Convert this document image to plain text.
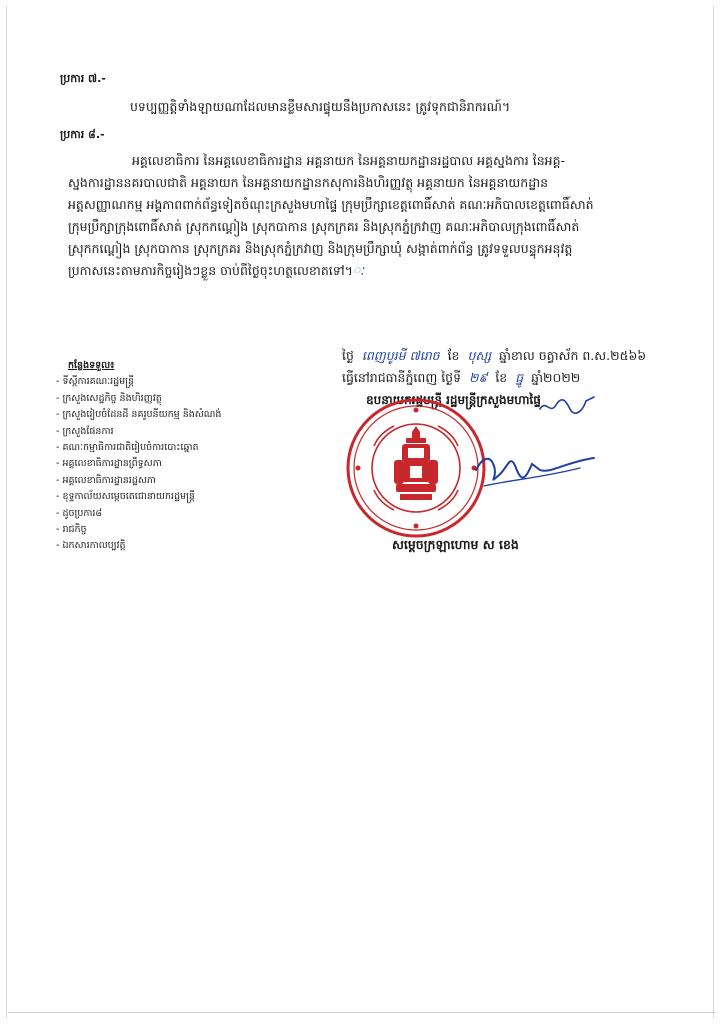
ប្រការ ៧.-
បទប្បញ្ញត្តិទាំងឡាយណាដែលមានខ្លឹមសារផ្ទុយនឹងប្រកាសនេះ ត្រូវទុកជានិរាករណ៍។
ប្រការ ៨.-
អគ្គលេខាធិការ នៃអគ្គលេខាធិការដ្ឋាន អគ្គនាយក នៃអគ្គនាយកដ្ឋានរដ្ឋបាល អគ្គស្នងការ នៃអគ្គ-
ស្នងការដ្ឋាននគរបាលជាតិ អគ្គនាយក នៃអគ្គនាយកដ្ឋានកសុការនិងហិរញ្ញវត្ថុ អគ្គនាយក នៃអគ្គនាយកដ្ឋាន
អត្តសញ្ញាណកម្ម អង្គភាពពាក់ព័ន្ធទៀតចំណុះក្រសួងមហាផ្ទៃ ក្រុមប្រឹក្សាខេត្តពោធិ៍សាត់ គណៈអភិបាលខេត្តពោធិ៍សាត់
ក្រុមប្រឹក្សាក្រុងពោធិ៍សាត់ ស្រុកកណ្ដៀង ស្រុកបាកាន ស្រុកក្រគរ និងស្រុកភ្នំក្រវាញ គណៈអភិបាលក្រុងពោធិ៍សាត់
ស្រុកកណ្ដៀង ស្រុកបាកាន ស្រុកក្រគរ និងស្រុកភ្នំក្រវាញ និងក្រុមប្រឹក្សាឃុំ សង្កាត់ពាក់ព័ន្ធ ត្រូវទទួលបន្ទុកអនុវត្ត
ប្រកាសនេះតាមភារកិច្ចរៀងៗខ្លួន ចាប់ពីថ្ងៃចុះហត្ថលេខាតទៅ។ៈ
ថ្ងៃ ពេញបូរមី ៧រោច ខែ បុស្ស ឆ្នាំខាល ចត្វាស័ក ព.ស.២៥៦៦
ធ្វើនៅរាជធានីភ្នំពេញ ថ្ងៃទី ២៩ ខែ ធ្នូ ឆ្នាំ២០២២
ឧបនាយករដ្ឋមន្ត្រី រដ្ឋមន្ត្រីក្រសួងមហាផ្ទៃ
សម្តេចក្រឡាហោម ស ខេង
កន្លែងទទួល៖
- ទីស្ដីការគណៈរដ្ឋមន្ត្រី
- ក្រសួងសេដ្ឋកិច្ច និងហិរញ្ញវត្ថុ
- ក្រសួងរៀបចំដែនដី នគរូបនីយកម្ម និងសំណង់
- ក្រសួងផែនការ
- គណៈកម្មាធិការជាតិរៀបចំការបោះឆ្នោត
- អគ្គលេខាធិការដ្ឋានព្រឹទ្ធសភា
- អគ្គលេខាធិការដ្ឋានរដ្ឋសភា
- ខុទ្ទកាល័យសម្ដេចតេជោនាយករដ្ឋមន្ត្រី
- ដូចប្រការ៨
- រាជកិច្ច
- ឯកសារកាលប្បវត្តិ
